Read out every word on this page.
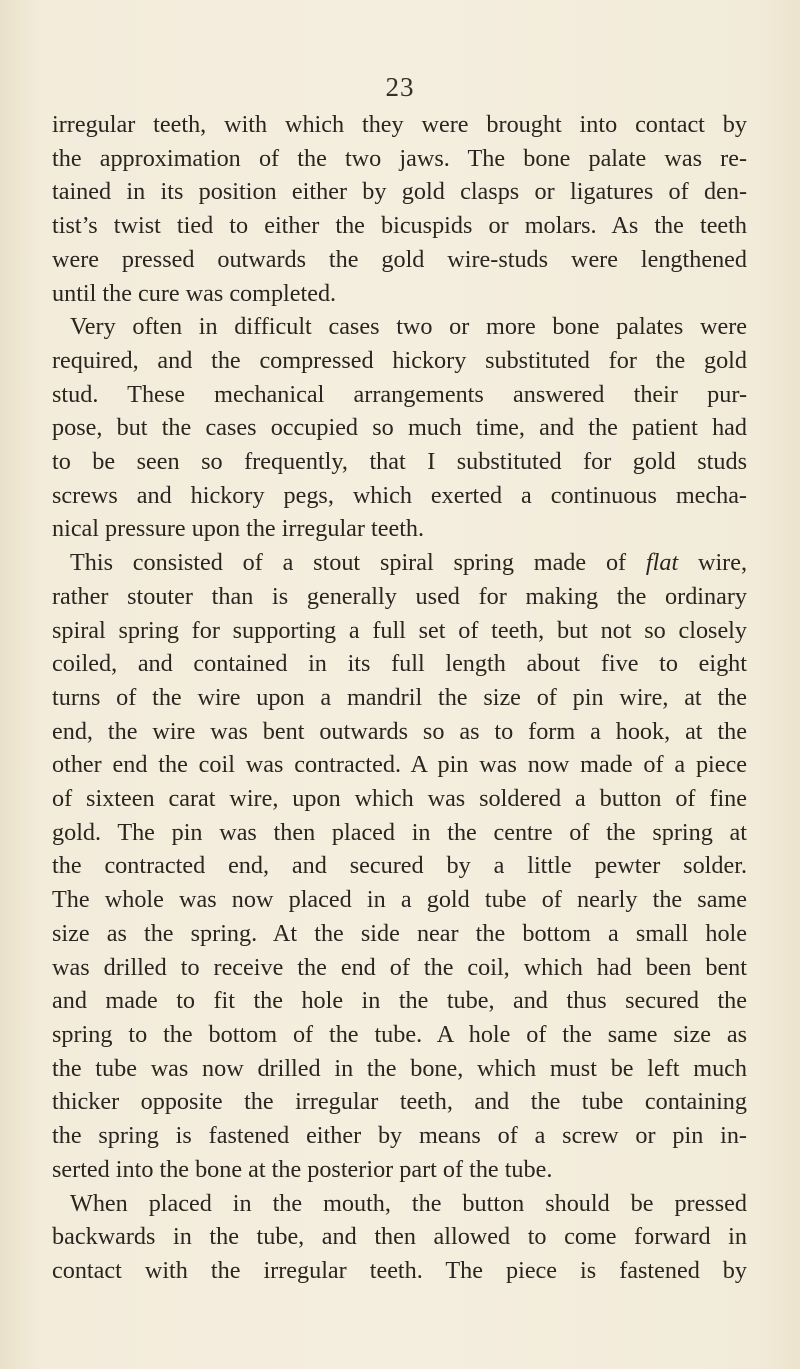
23
irregular teeth, with which they were brought into contact by
the approximation of the two jaws. The bone palate was re-
tained in its position either by gold clasps or ligatures of den-
tist’s twist tied to either the bicuspids or molars. As the teeth
were pressed outwards the gold wire-studs were lengthened
until the cure was completed.
Very often in difficult cases two or more bone palates were
required, and the compressed hickory substituted for the gold
stud. These mechanical arrangements answered their pur-
pose, but the cases occupied so much time, and the patient had
to be seen so frequently, that I substituted for gold studs
screws and hickory pegs, which exerted a continuous mecha-
nical pressure upon the irregular teeth.
This consisted of a stout spiral spring made of flat wire,
rather stouter than is generally used for making the ordinary
spiral spring for supporting a full set of teeth, but not so closely
coiled, and contained in its full length about five to eight
turns of the wire upon a mandril the size of pin wire, at the
end, the wire was bent outwards so as to form a hook, at the
other end the coil was contracted. A pin was now made of a piece
of sixteen carat wire, upon which was soldered a button of fine
gold. The pin was then placed in the centre of the spring at
the contracted end, and secured by a little pewter solder.
The whole was now placed in a gold tube of nearly the same
size as the spring. At the side near the bottom a small hole
was drilled to receive the end of the coil, which had been bent
and made to fit the hole in the tube, and thus secured the
spring to the bottom of the tube. A hole of the same size as
the tube was now drilled in the bone, which must be left much
thicker opposite the irregular teeth, and the tube containing
the spring is fastened either by means of a screw or pin in-
serted into the bone at the posterior part of the tube.
When placed in the mouth, the button should be pressed
backwards in the tube, and then allowed to come forward in
contact with the irregular teeth. The piece is fastened by
